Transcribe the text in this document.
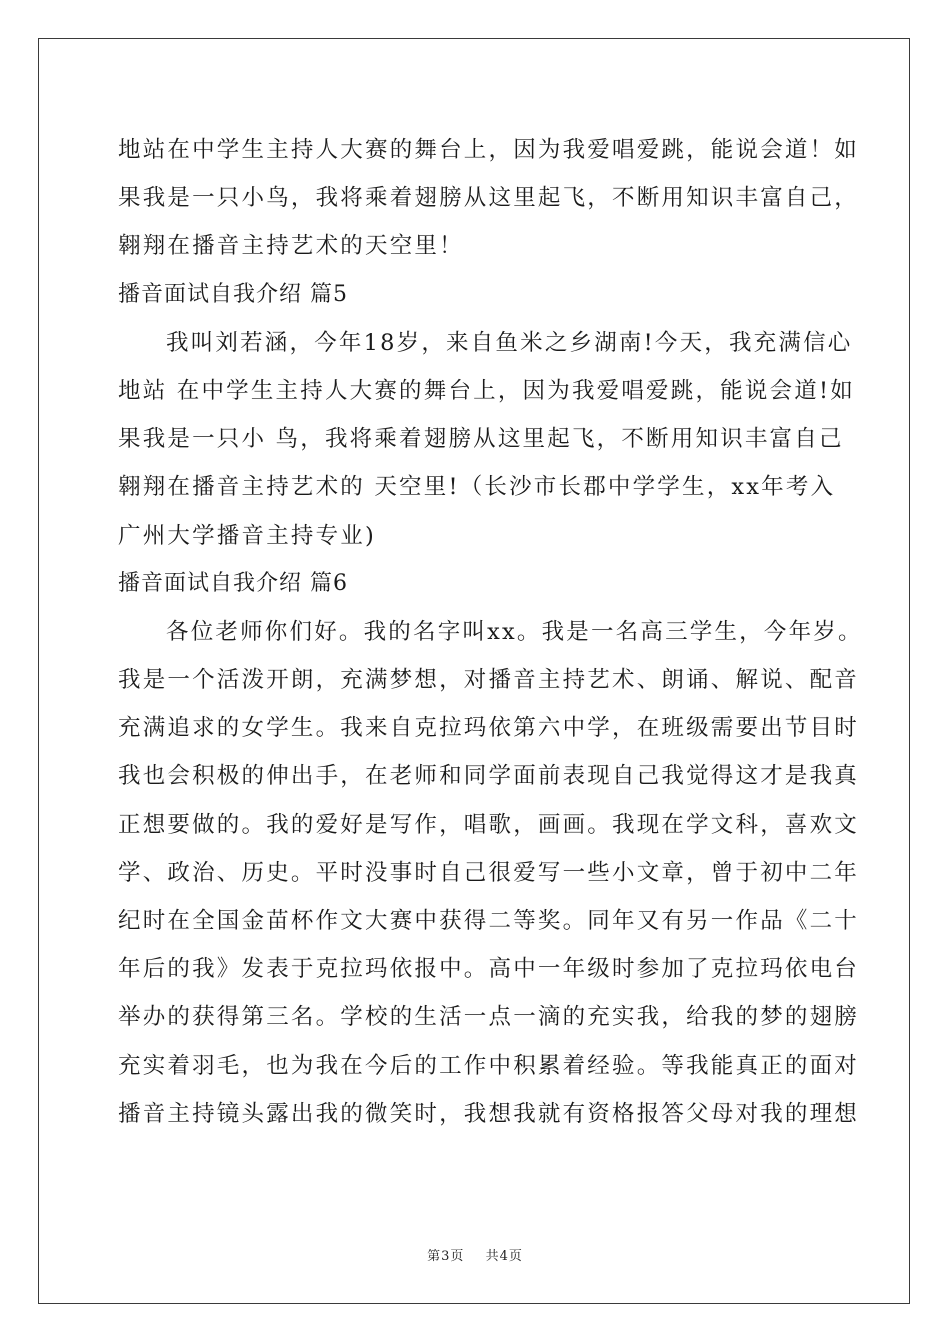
地站在中学生主持人大赛的舞台上，因为我爱唱爱跳，能说会道！如
果我是一只小鸟，我将乘着翅膀从这里起飞，不断用知识丰富自己，
翱翔在播音主持艺术的天空里！
播音面试自我介绍 篇5
我叫刘若涵，今年18岁，来自鱼米之乡湖南!今天，我充满信心
地站 在中学生主持人大赛的舞台上，因为我爱唱爱跳，能说会道!如
果我是一只小 鸟，我将乘着翅膀从这里起飞，不断用知识丰富自己
翱翔在播音主持艺术的 天空里!（长沙市长郡中学学生，xx年考入
广州大学播音主持专业)
播音面试自我介绍 篇6
各位老师你们好。我的名字叫xx。我是一名高三学生，今年岁。
我是一个活泼开朗，充满梦想，对播音主持艺术、朗诵、解说、配音
充满追求的女学生。我来自克拉玛依第六中学，在班级需要出节目时
我也会积极的伸出手，在老师和同学面前表现自己我觉得这才是我真
正想要做的。我的爱好是写作，唱歌，画画。我现在学文科，喜欢文
学、政治、历史。平时没事时自己很爱写一些小文章，曾于初中二年
纪时在全国金苗杯作文大赛中获得二等奖。同年又有另一作品《二十
年后的我》发表于克拉玛依报中。高中一年级时参加了克拉玛依电台
举办的获得第三名。学校的生活一点一滴的充实我，给我的梦的翅膀
充实着羽毛，也为我在今后的工作中积累着经验。等我能真正的面对
播音主持镜头露出我的微笑时，我想我就有资格报答父母对我的理想
第3页 共4页
